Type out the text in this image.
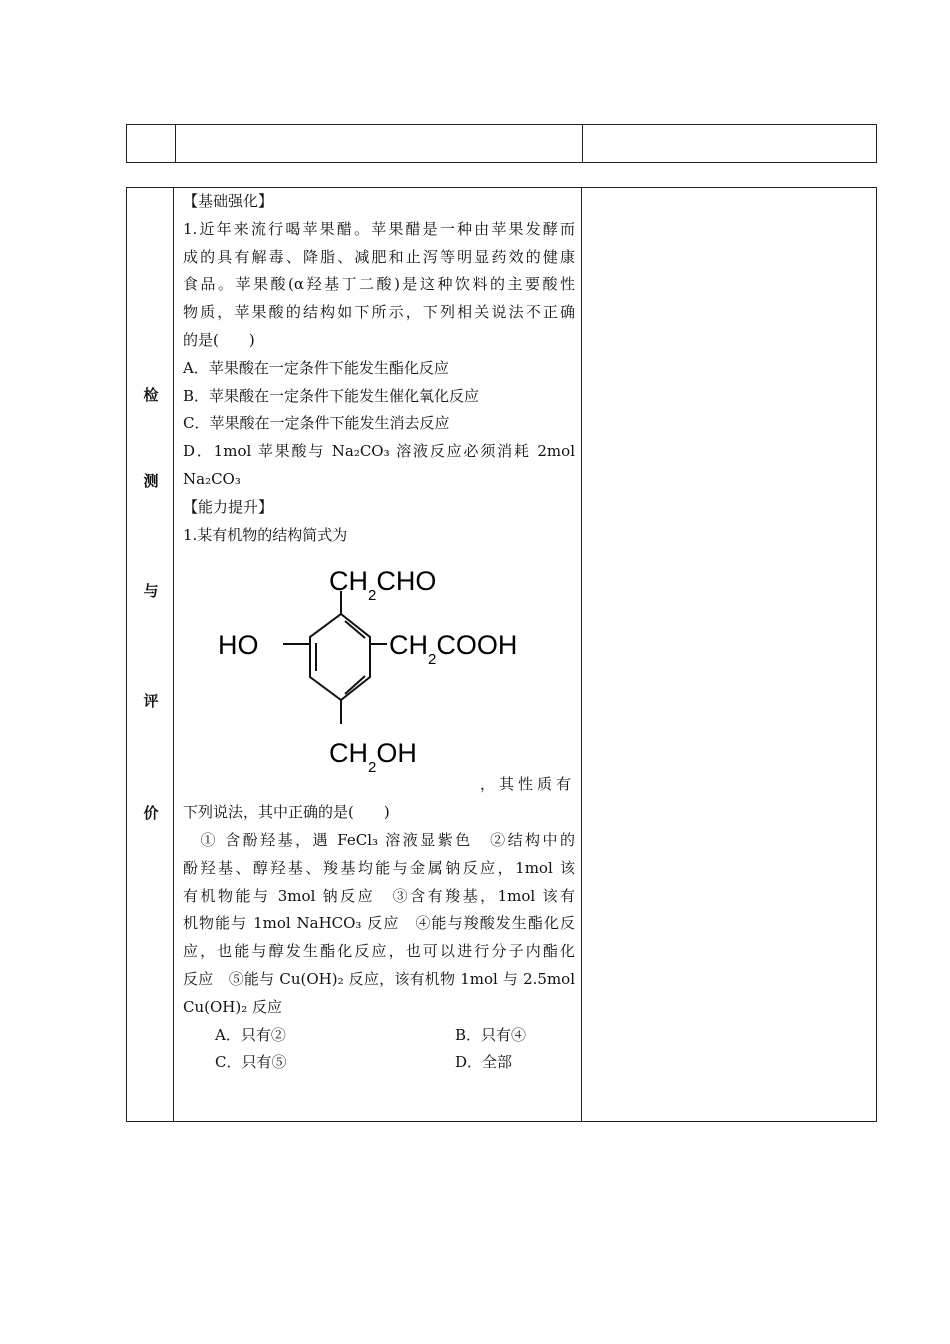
检
测
与
评
价

【基础强化】

1.近年来流行喝苹果醋。苹果醋是一种由苹果发酵而

成的具有解毒、降脂、减肥和止泻等明显药效的健康

食品。苹果酸(α羟基丁二酸)是这种饮料的主要酸性

物质，苹果酸的结构如下所示，下列相关说法不正确

的是(　　)

A．苹果酸在一定条件下能发生酯化反应

B．苹果酸在一定条件下能发生催化氧化反应

C．苹果酸在一定条件下能发生消去反应

D．1mol 苹果酸与 Na₂CO₃ 溶液反应必须消耗 2mol

Na₂CO₃

【能力提升】

1.某有机物的结构简式为

，其性质有

下列说法，其中正确的是(　　)

　① 含酚羟基，遇 FeCl₃ 溶液显紫色　②结构中的

酚羟基、醇羟基、羧基均能与金属钠反应，1mol 该

有机物能与 3mol 钠反应　③含有羧基，1mol 该有

机物能与 1mol NaHCO₃ 反应　④能与羧酸发生酯化反

应，也能与醇发生酯化反应，也可以进行分子内酯化

反应　⑤能与 Cu(OH)₂ 反应，该有机物 1mol 与 2.5mol

Cu(OH)₂ 反应

A．只有②	B．只有④
C．只有⑤	D．全部
$CH_2CHO$
HO	$CH_2COOH$
$CH_2OH$
